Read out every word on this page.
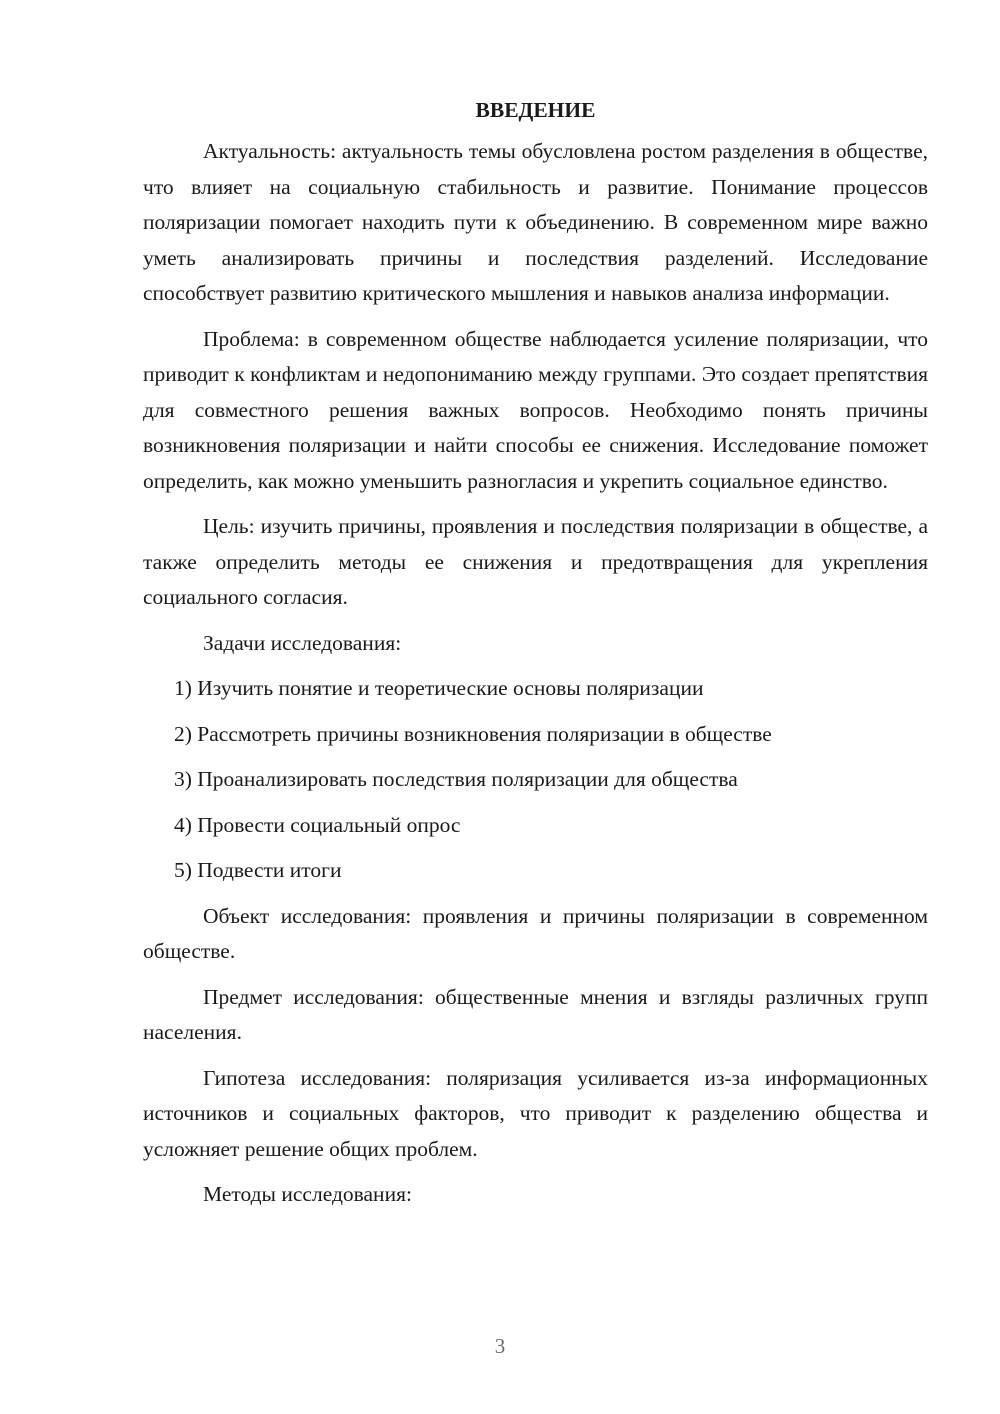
ВВЕДЕНИЕ

Актуальность: актуальность темы обусловлена ростом разделения в обществе, что влияет на социальную стабильность и развитие. Понимание процессов поляризации помогает находить пути к объединению. В современном мире важно уметь анализировать причины и последствия разделений. Исследование способствует развитию критического мышления и навыков анализа информации.

Проблема: в современном обществе наблюдается усиление поляризации, что приводит к конфликтам и недопониманию между группами. Это создает препятствия для совместного решения важных вопросов. Необходимо понять причины возникновения поляризации и найти способы ее снижения. Исследование поможет определить, как можно уменьшить разногласия и укрепить социальное единство.

Цель: изучить причины, проявления и последствия поляризации в обществе, а также определить методы ее снижения и предотвращения для укрепления социального согласия.

Задачи исследования:

1) Изучить понятие и теоретические основы поляризации
2) Рассмотреть причины возникновения поляризации в обществе
3) Проанализировать последствия поляризации для общества
4) Провести социальный опрос
5) Подвести итоги

Объект исследования: проявления и причины поляризации в современном обществе.

Предмет исследования: общественные мнения и взгляды различных групп населения.

Гипотеза исследования: поляризация усиливается из-за информационных источников и социальных факторов, что приводит к разделению общества и усложняет решение общих проблем.

Методы исследования:

3
